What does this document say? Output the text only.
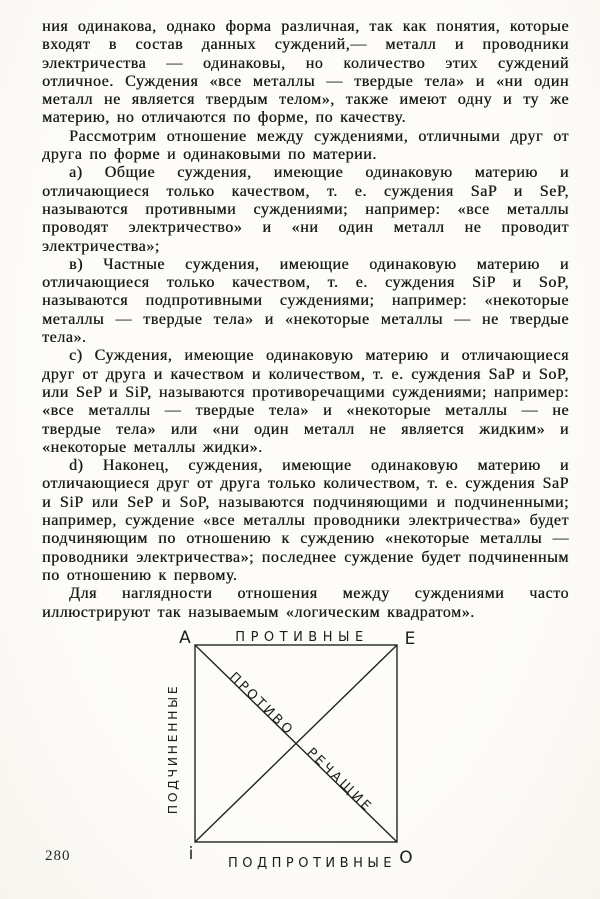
ния одинакова, однако форма различная, так как понятия, которые входят в состав данных суждений,— металл и проводники электричества — одинаковы, но количество этих суждений отличное. Суждения «все металлы — твердые тела» и «ни один металл не является твердым телом», также имеют одну и ту же материю, но отличаются по форме, по качеству.

Рассмотрим отношение между суждениями, отличными друг от друга по форме и одинаковыми по материи.

а) Общие суждения, имеющие одинаковую материю и отличающиеся только качеством, т. е. суждения SaP и SeP, называются противными суждениями; например: «все металлы проводят электричество» и «ни один металл не проводит электричества»;

в) Частные суждения, имеющие одинаковую материю и отличающиеся только качеством, т. е. суждения SiP и SoP, называются подпротивными суждениями; например: «некоторые металлы — твердые тела» и «некоторые металлы — не твердые тела».

с) Суждения, имеющие одинаковую материю и отличающиеся друг от друга и качеством и количеством, т. е. суждения SaP и SoP, или SeP и SiP, называются противоречащими суждениями; например: «все металлы — твердые тела» и «некоторые металлы — не твердые тела» или «ни один металл не является жидким» и «некоторые металлы жидки».

d) Наконец, суждения, имеющие одинаковую материю и отличающиеся друг от друга только количеством, т. е. суждения SaP и SiP или SeP и SoP, называются подчиняющими и подчиненными; например, суждение «все металлы проводники электричества» будет подчиняющим по отношению к суждению «некоторые металлы — проводники электричества»; последнее суждение будет подчиненным по отношению к первому.

Для наглядности отношения между суждениями часто иллюстрируют так называемым «логическим квадратом».

А	Е
i	О
ПРОТИВНЫЕ
ПОДПРОТИВНЫЕ
ПОДЧИНЕННЫЕ	ПРОТИВО
РЕЧАЩИЕ
280
